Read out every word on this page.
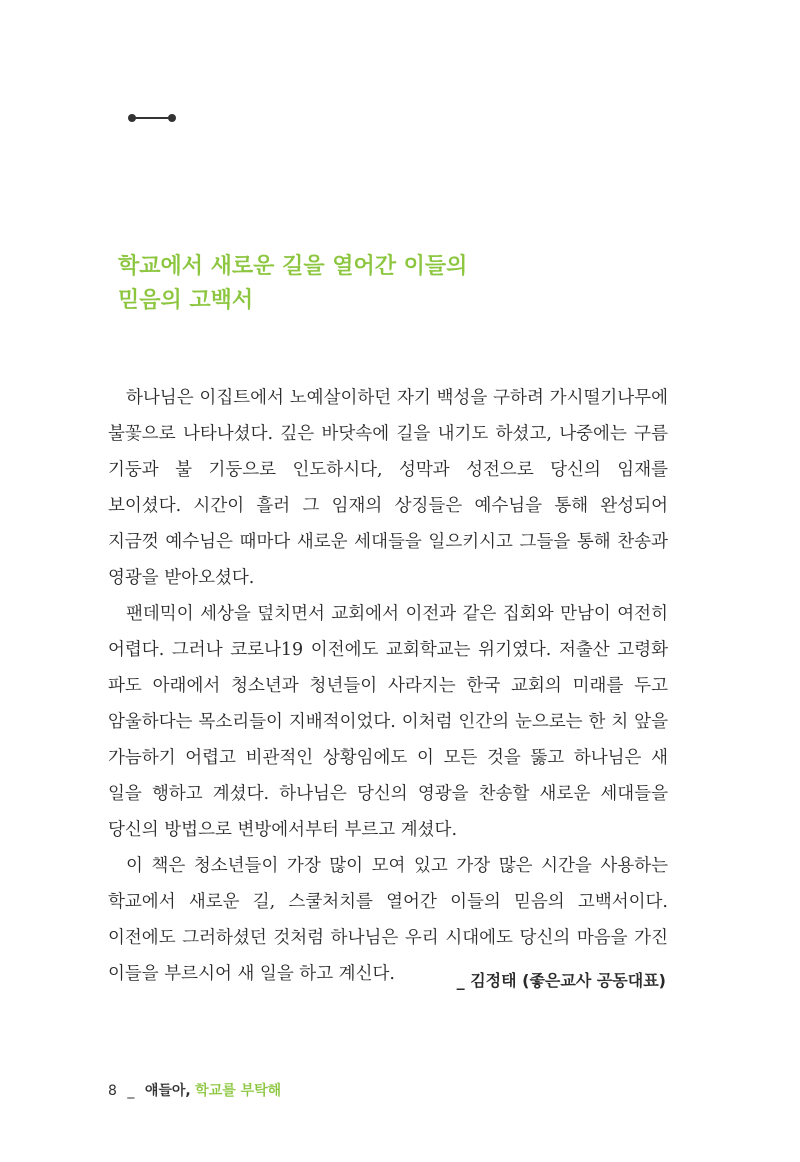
학교에서 새로운 길을 열어간 이들의
믿음의 고백서

하나님은 이집트에서 노예살이하던 자기 백성을 구하려 가시떨기나무에 불꽃으로 나타나셨다. 깊은 바닷속에 길을 내기도 하셨고, 나중에는 구름 기둥과 불 기둥으로 인도하시다, 성막과 성전으로 당신의 임재를 보이셨다. 시간이 흘러 그 임재의 상징들은 예수님을 통해 완성되어 지금껏 예수님은 때마다 새로운 세대들을 일으키시고 그들을 통해 찬송과 영광을 받아오셨다.

팬데믹이 세상을 덮치면서 교회에서 이전과 같은 집회와 만남이 여전히 어렵다. 그러나 코로나19 이전에도 교회학교는 위기였다. 저출산 고령화 파도 아래에서 청소년과 청년들이 사라지는 한국 교회의 미래를 두고 암울하다는 목소리들이 지배적이었다. 이처럼 인간의 눈으로는 한 치 앞을 가늠하기 어렵고 비관적인 상황임에도 이 모든 것을 뚫고 하나님은 새 일을 행하고 계셨다. 하나님은 당신의 영광을 찬송할 새로운 세대들을 당신의 방법으로 변방에서부터 부르고 계셨다.

이 책은 청소년들이 가장 많이 모여 있고 가장 많은 시간을 사용하는 학교에서 새로운 길, 스쿨처치를 열어간 이들의 믿음의 고백서이다. 이전에도 그러하셨던 것처럼 하나님은 우리 시대에도 당신의 마음을 가진 이들을 부르시어 새 일을 하고 계신다.	_ 김정태 (좋은교사 공동대표)
8 _ 얘들아, 학교를 부탁해
